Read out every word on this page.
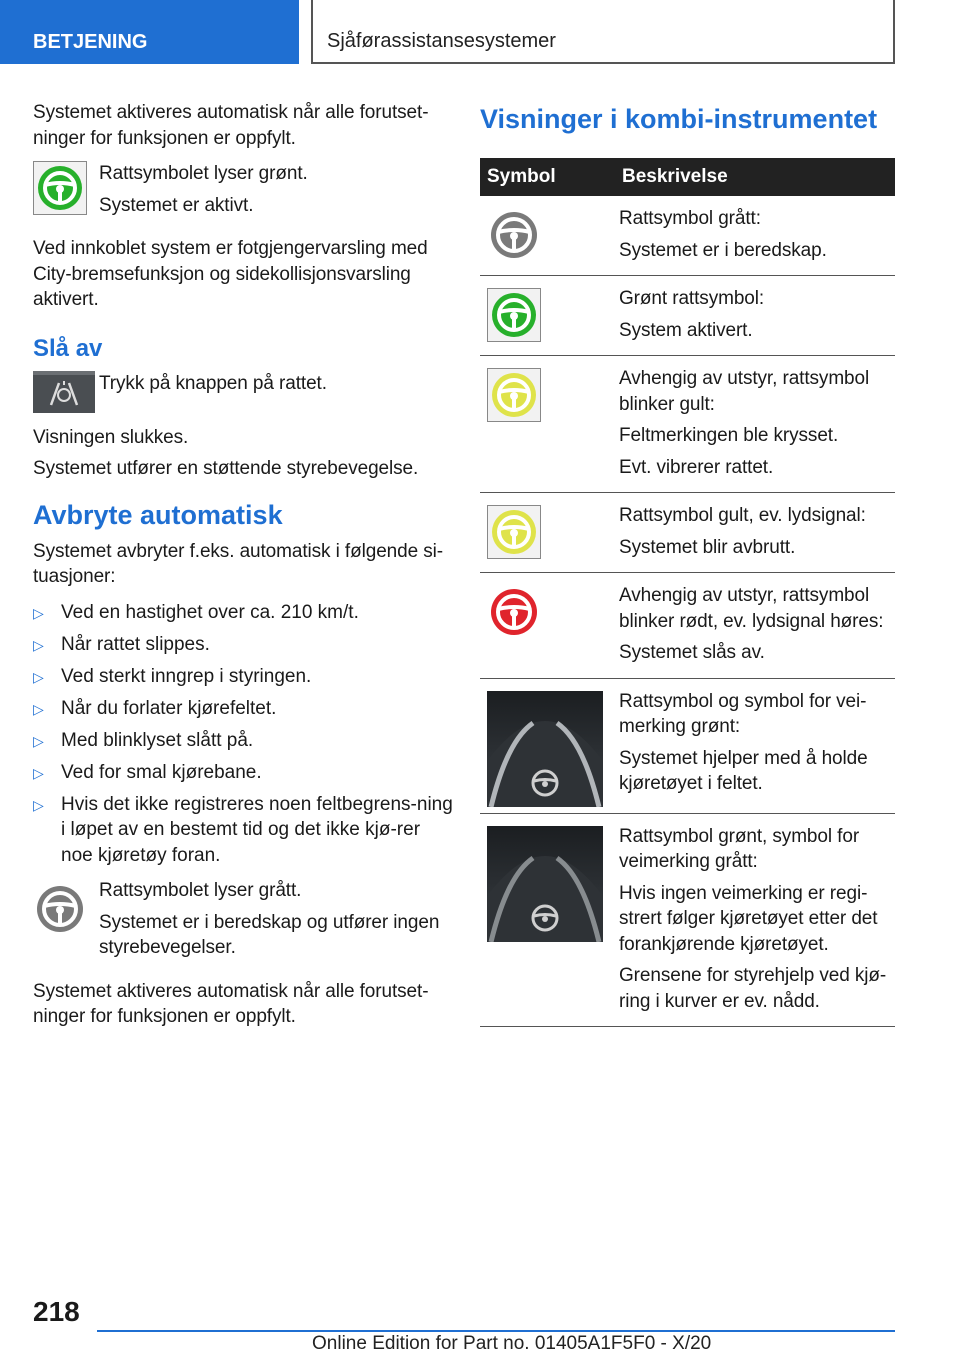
BETJENING	Sjåførassistansesystemer
Systemet aktiveres automatisk når alle forutset-ninger for funksjonen er oppfylt.
Rattsymbolet lyser grønt.
Systemet er aktivt.
Ved innkoblet system er fotgjengervarsling med City-bremsefunksjon og sidekollisjonsvarsling aktivert.
Slå av
Trykk på knappen på rattet.
Visningen slukkes.
Systemet utfører en støttende styrebevegelse.
Avbryte automatisk
Systemet avbryter f.eks. automatisk i følgende si-tuasjoner:
▷ Ved en hastighet over ca. 210 km/t.
▷ Når rattet slippes.
▷ Ved sterkt inngrep i styringen.
▷ Når du forlater kjørefeltet.
▷ Med blinklyset slått på.
▷ Ved for smal kjørebane.
▷ Hvis det ikke registreres noen feltbegrens-ning i løpet av en bestemt tid og det ikke kjø-rer noe kjøretøy foran.
Rattsymbolet lyser grått.
Systemet er i beredskap og utfører ingen styrebevegelser.
Systemet aktiveres automatisk når alle forutset-ninger for funksjonen er oppfylt.
Visninger i kombi-instrumentet
Symbol	Beskrivelse

Rattsymbol grått:
Systemet er i beredskap.

Grønt rattsymbol:
System aktivert.

Avhengig av utstyr, rattsymbol blinker gult:
Feltmerkingen ble krysset.
Evt. vibrerer rattet.

Rattsymbol gult, ev. lydsignal:
Systemet blir avbrutt.

Avhengig av utstyr, rattsymbol blinker rødt, ev. lydsignal høres:
Systemet slås av.

Rattsymbol og symbol for vei-merking grønt:
Systemet hjelper med å holde kjøretøyet i feltet.

Rattsymbol grønt, symbol for veimerking grått:
Hvis ingen veimerking er regi-strert følger kjøretøyet etter det forankjørende kjøretøyet.
Grensene for styrehjelp ved kjø-ring i kurver er ev. nådd.
218
Online Edition for Part no. 01405A1F5F0 - X/20
